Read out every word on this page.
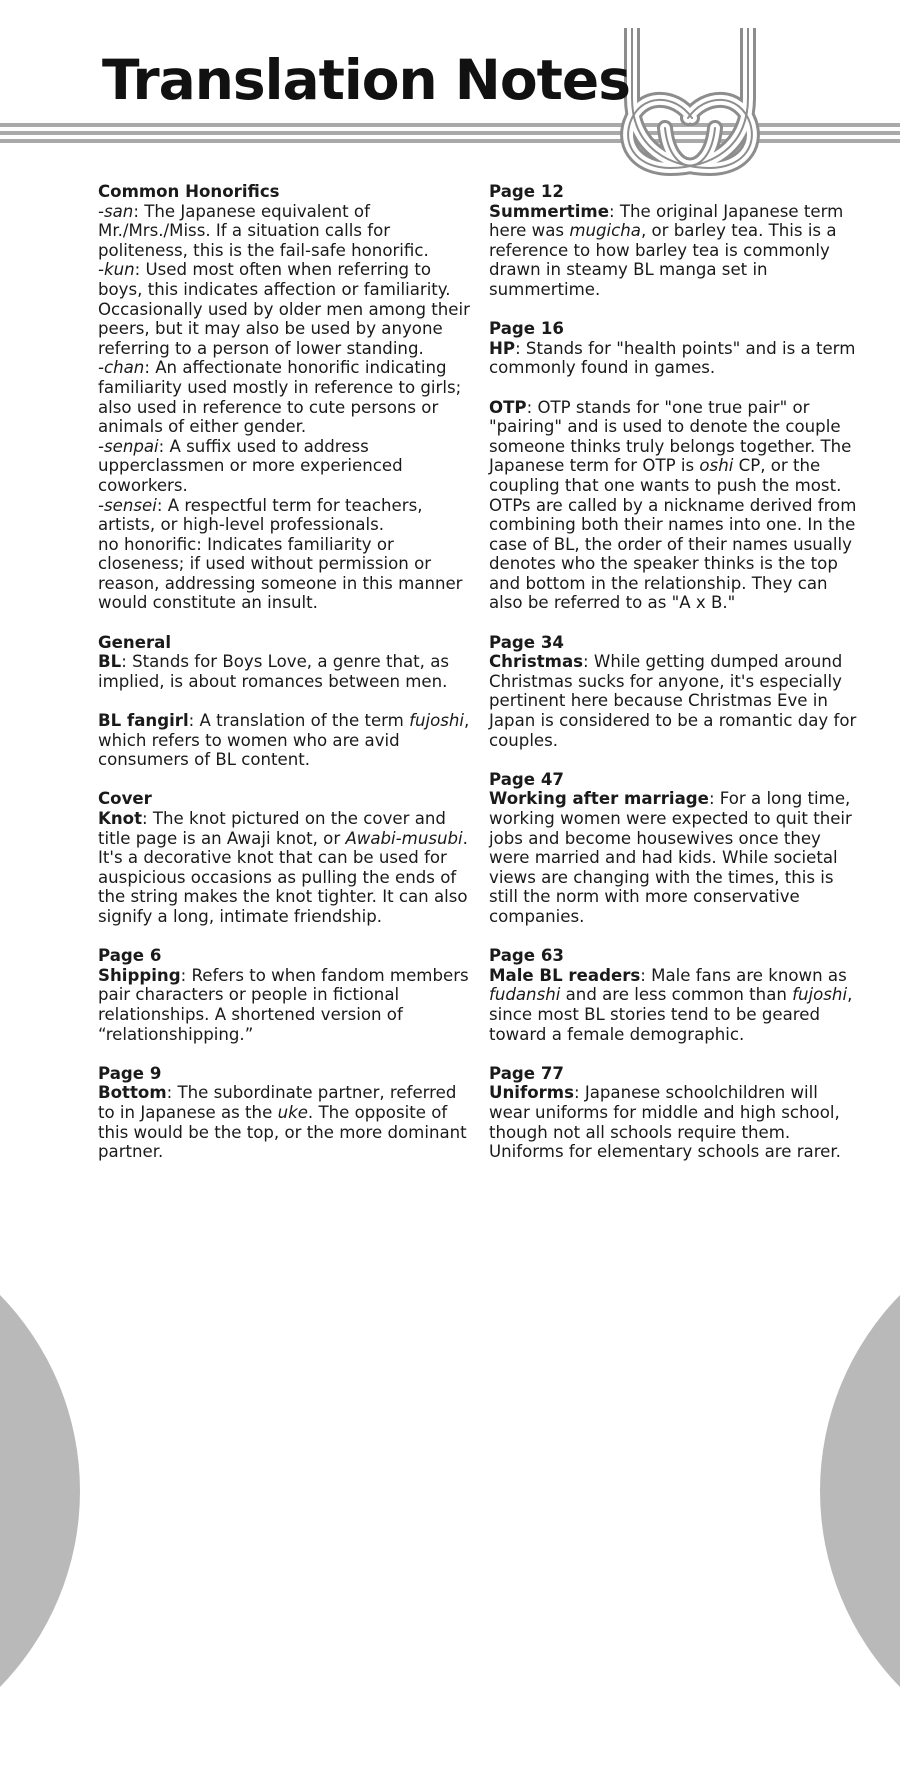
Translation Notes
Common Honorifics

-san: The Japanese equivalent of Mr./Mrs./Miss. If a situation calls for politeness, this is the fail-safe honorific.

-kun: Used most often when referring to boys, this indicates affection or familiarity. Occasionally used by older men among their peers, but it may also be used by anyone referring to a person of lower standing.

-chan: An affectionate honorific indicating familiarity used mostly in reference to girls; also used in reference to cute persons or animals of either gender.

-senpai: A suffix used to address upperclassmen or more experienced coworkers.

-sensei: A respectful term for teachers, artists, or high-level professionals.

no honorific: Indicates familiarity or closeness; if used without permission or reason, addressing someone in this manner would constitute an insult.

General

BL: Stands for Boys Love, a genre that, as implied, is about romances between men.

BL fangirl: A translation of the term fujoshi, which refers to women who are avid consumers of BL content.

Cover

Knot: The knot pictured on the cover and title page is an Awaji knot, or Awabi-musubi. It's a decorative knot that can be used for auspicious occasions as pulling the ends of the string makes the knot tighter. It can also signify a long, intimate friendship.

Page 6

Shipping: Refers to when fandom members pair characters or people in fictional relationships. A shortened version of “relationshipping.”

Page 9

Bottom: The subordinate partner, referred to in Japanese as the uke. The opposite of this would be the top, or the more dominant partner.

Page 12

Summertime: The original Japanese term here was mugicha, or barley tea. This is a reference to how barley tea is commonly drawn in steamy BL manga set in summertime.

Page 16

HP: Stands for "health points" and is a term commonly found in games.

OTP: OTP stands for "one true pair" or "pairing" and is used to denote the couple someone thinks truly belongs together. The Japanese term for OTP is oshi CP, or the coupling that one wants to push the most. OTPs are called by a nickname derived from combining both their names into one. In the case of BL, the order of their names usually denotes who the speaker thinks is the top and bottom in the relationship. They can also be referred to as "A x B."

Page 34

Christmas: While getting dumped around Christmas sucks for anyone, it's especially pertinent here because Christmas Eve in Japan is considered to be a romantic day for couples.

Page 47

Working after marriage: For a long time, working women were expected to quit their jobs and become housewives once they were married and had kids. While societal views are changing with the times, this is still the norm with more conservative companies.

Page 63

Male BL readers: Male fans are known as fudanshi and are less common than fujoshi, since most BL stories tend to be geared toward a female demographic.

Page 77

Uniforms: Japanese schoolchildren will wear uniforms for middle and high school, though not all schools require them. Uniforms for elementary schools are rarer.
